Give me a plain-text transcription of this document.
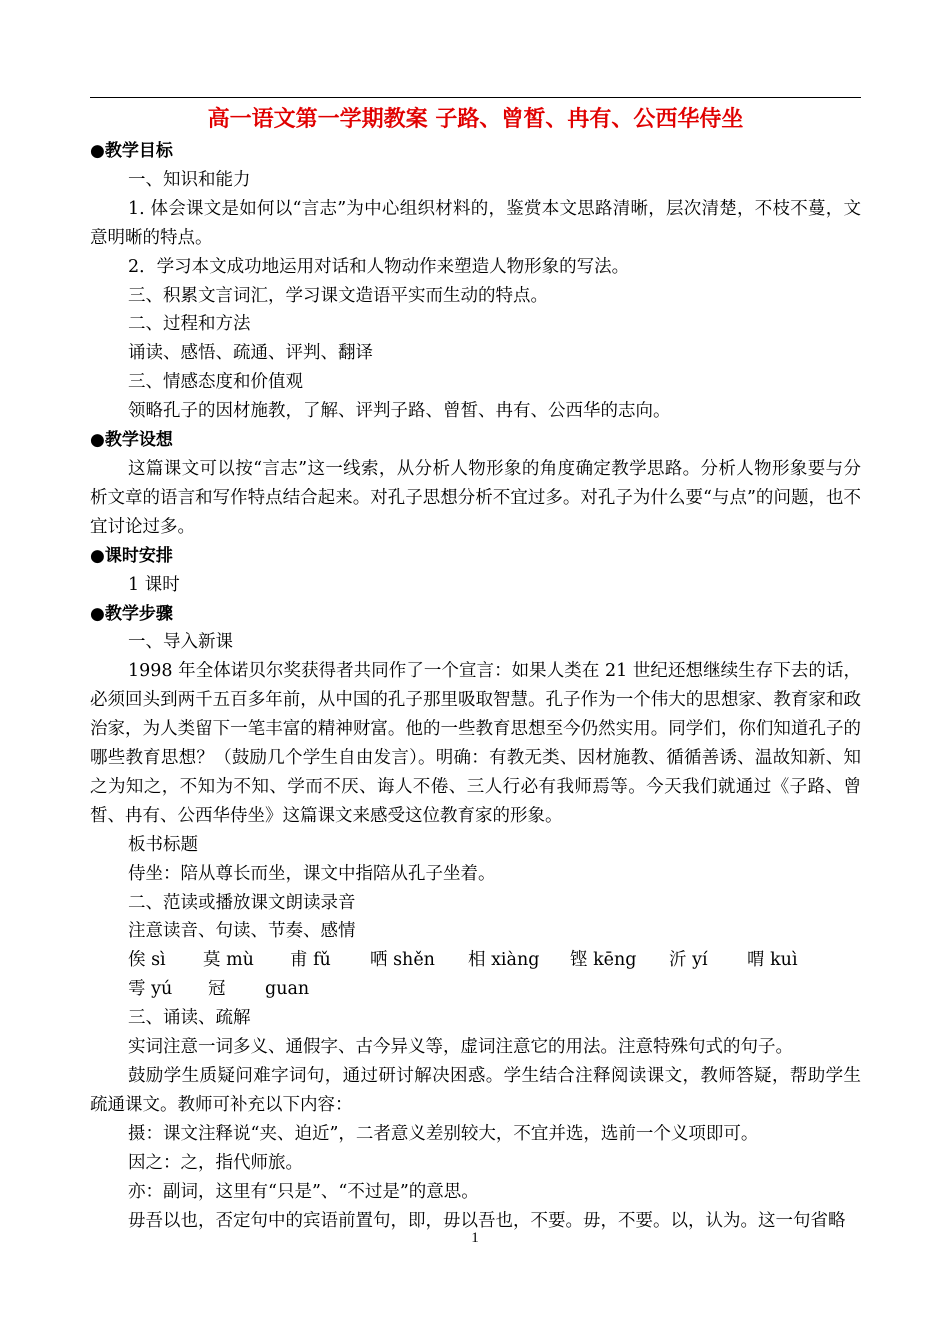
高一语文第一学期教案 子路、曾皙、冉有、公西华侍坐

●教学目标

一、知识和能力

1. 体会课文是如何以“言志”为中心组织材料的，鉴赏本文思路清晰，层次清楚，不枝不蔓，文意明晰的特点。

2．学习本文成功地运用对话和人物动作来塑造人物形象的写法。

三、积累文言词汇，学习课文造语平实而生动的特点。

二、过程和方法

诵读、感悟、疏通、评判、翻译

三、情感态度和价值观

领略孔子的因材施教，了解、评判子路、曾皙、冉有、公西华的志向。

●教学设想

这篇课文可以按“言志”这一线索，从分析人物形象的角度确定教学思路。分析人物形象要与分析文章的语言和写作特点结合起来。对孔子思想分析不宜过多。对孔子为什么要“与点”的问题，也不宜讨论过多。

●课时安排

1 课时

●教学步骤

一、导入新课

1998 年全体诺贝尔奖获得者共同作了一个宣言：如果人类在 21 世纪还想继续生存下去的话，必须回头到两千五百多年前，从中国的孔子那里吸取智慧。孔子作为一个伟大的思想家、教育家和政治家，为人类留下一笔丰富的精神财富。他的一些教育思想至今仍然实用。同学们，你们知道孔子的哪些教育思想？（鼓励几个学生自由发言）。明确：有教无类、因材施教、循循善诱、温故知新、知之为知之，不知为不知、学而不厌、诲人不倦、三人行必有我师焉等。今天我们就通过《子路、曾皙、冉有、公西华侍坐》这篇课文来感受这位教育家的形象。

板书标题

侍坐：陪从尊长而坐，课文中指陪从孔子坐着。

二、范读或播放课文朗读录音

注意读音、句读、节奏、感情

俟 sì	莫 mù	甫 fǔ	哂 shěn	相 xiàng	铿 kēng	沂 yí	喟 kuì
雩 yú	冠	guan

三、诵读、疏解

实词注意一词多义、通假字、古今异义等，虚词注意它的用法。注意特殊句式的句子。

鼓励学生质疑问难字词句，通过研讨解决困惑。学生结合注释阅读课文，教师答疑，帮助学生疏通课文。教师可补充以下内容：

摄：课文注释说“夹、迫近”，二者意义差别较大，不宜并选，选前一个义项即可。

因之：之，指代师旅。

亦：副词，这里有“只是”、“不过是”的意思。

毋吾以也，否定句中的宾语前置句，即，毋以吾也，不要。毋，不要。以，认为。这一句省略

1
